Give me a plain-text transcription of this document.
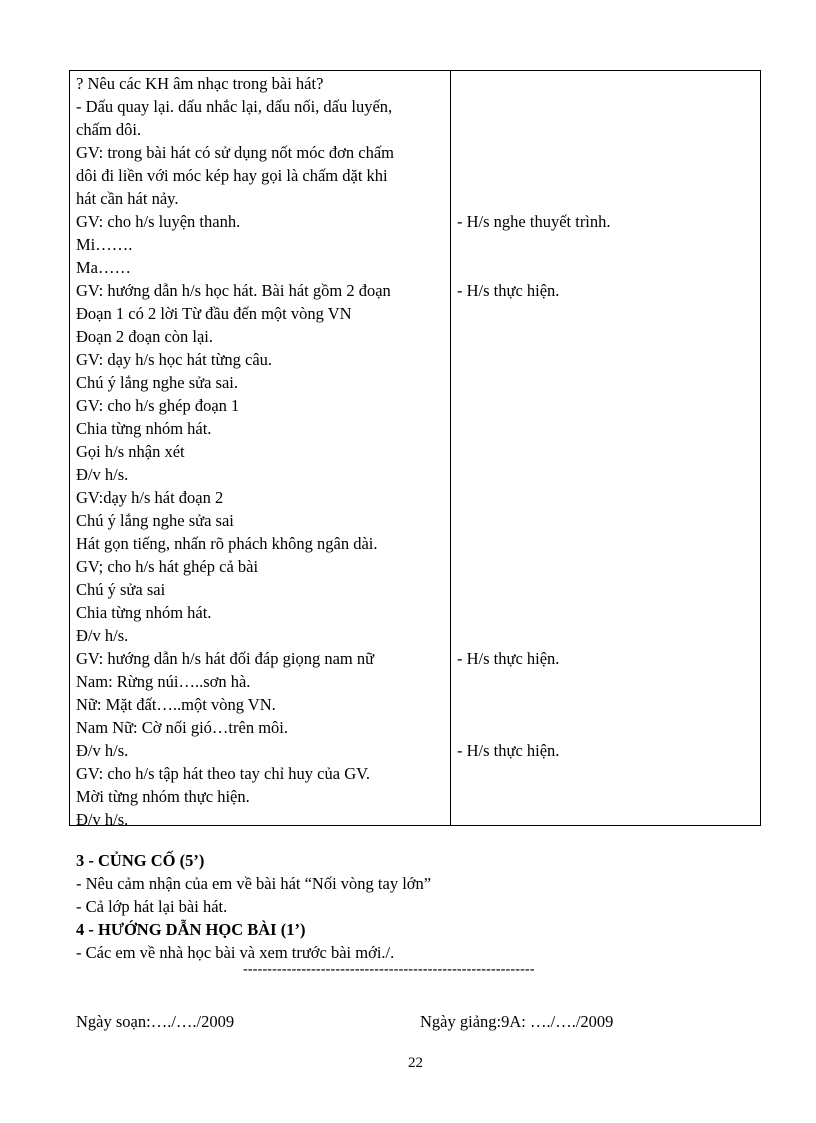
? Nêu các KH âm nhạc trong bài hát?
- Dấu quay lại. dấu nhắc lại, dấu nối, dấu luyến,
chấm dôi.
GV: trong bài hát có sử dụng nốt móc đơn chấm
dôi đi liền với móc kép hay gọi là chấm dặt khi
hát cần hát nảy.
GV: cho h/s luyện thanh.
Mi…….
Ma……
GV: hướng dẫn h/s học hát. Bài hát gồm 2 đoạn
Đoạn 1 có 2 lời Từ đầu đến một vòng VN
Đoạn 2 đoạn còn lại.
GV: dạy h/s học hát từng câu.
Chú ý lắng nghe sửa sai.
GV: cho h/s ghép đoạn 1
Chia từng nhóm hát.
Gọi h/s nhận xét
Đ/v h/s.
GV:dạy h/s hát đoạn 2
Chú ý lắng nghe sửa sai
Hát gọn tiếng, nhấn rõ phách không ngân dài.
GV; cho h/s hát ghép cả bài
Chú ý sửa sai
Chia từng nhóm hát.
Đ/v h/s.
GV: hướng dẫn h/s hát đối đáp giọng nam nữ
Nam: Rừng núi…..sơn hà.
Nữ: Mặt đất…..một vòng VN.
Nam Nữ: Cờ nối gió…trên môi.
Đ/v h/s.
GV: cho h/s tập hát theo tay chỉ huy của GV.
Mời từng nhóm thực hiện.
Đ/v h/s.
- H/s nghe thuyết trình.
- H/s thực hiện.
- H/s thực hiện.
- H/s thực hiện.
3 - CỦNG CỐ (5’)
- Nêu cảm nhận của em về bài hát “Nối vòng tay lớn”
- Cả lớp hát lại bài hát.
4 - HƯỚNG DẪN HỌC BÀI (1’)
- Các em về nhà học bài và xem trước bài mới./.
------------------------------------------------------------
Ngày soạn:…./…./2009	Ngày giảng:9A: …./…./2009
22
